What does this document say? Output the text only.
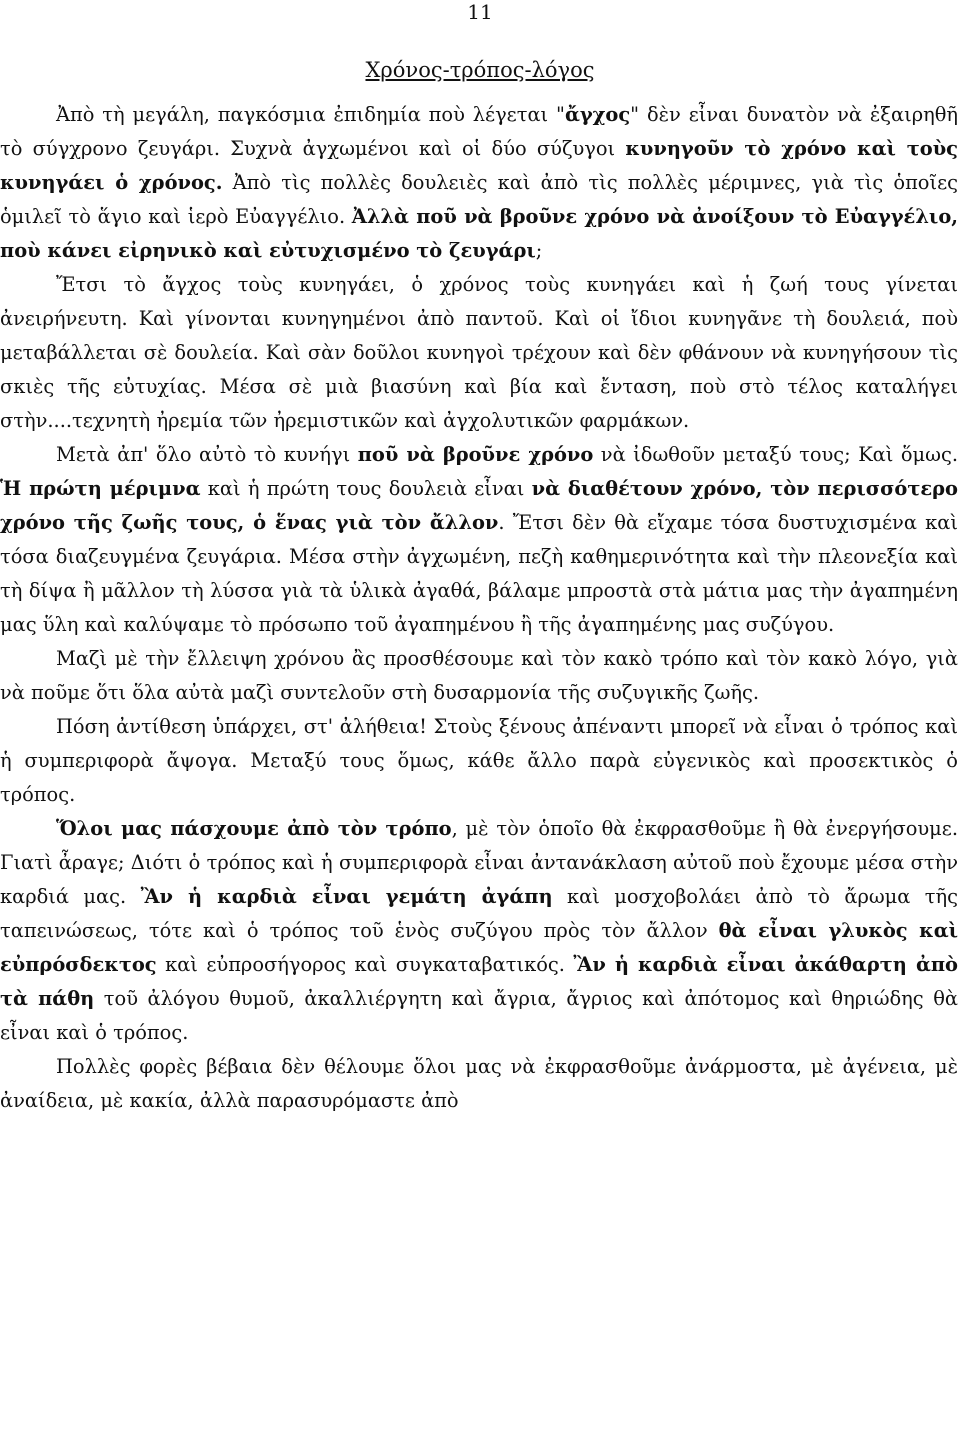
11
Χρόνος-τρόπος-λόγος

Ἀπὸ τὴ μεγάλη, παγκόσμια ἐπιδημία ποὺ λέγεται "ἄγχος" δὲν εἶναι δυνατὸν νὰ ἐξαιρηθῆ τὸ σύγχρονο ζευγάρι. Συχνὰ ἀγχωμένοι καὶ οἱ δύο σύζυγοι κυνηγοῦν τὸ χρόνο καὶ τοὺς κυνηγάει ὁ χρόνος. Ἀπὸ τὶς πολλὲς δουλειὲς καὶ ἀπὸ τὶς πολλὲς μέριμνες, γιὰ τὶς ὁποῖες ὁμιλεῖ τὸ ἅγιο καὶ ἱερὸ Εὐαγγέλιο. Ἀλλὰ ποῦ νὰ βροῦνε χρόνο νὰ ἀνοίξουν τὸ Εὐαγγέλιο, ποὺ κάνει εἰρηνικὸ καὶ εὐτυχισμένο τὸ ζευγάρι;

Ἔτσι τὸ ἄγχος τοὺς κυνηγάει, ὁ χρόνος τοὺς κυνηγάει καὶ ἡ ζωή τους γίνεται ἀνειρήνευτη. Καὶ γίνονται κυνηγημένοι ἀπὸ παντοῦ. Καὶ οἱ ἴδιοι κυνηγᾶνε τὴ δουλειά, ποὺ μεταβάλλεται σὲ δουλεία. Καὶ σὰν δοῦλοι κυνηγοὶ τρέχουν καὶ δὲν φθάνουν νὰ κυνηγήσουν τὶς σκιὲς τῆς εὐτυχίας. Μέσα σὲ μιὰ βιασύνη καὶ βία καὶ ἔνταση, ποὺ στὸ τέλος καταλήγει στὴν....τεχνητὴ ἠρεμία τῶν ἠρεμιστικῶν καὶ ἀγχολυτικῶν φαρμάκων.

Μετὰ ἀπ' ὅλο αὐτὸ τὸ κυνήγι ποῦ νὰ βροῦνε χρόνο νὰ ἰδωθοῦν μεταξύ τους; Καὶ ὅμως. Ἡ πρώτη μέριμνα καὶ ἡ πρώτη τους δουλειὰ εἶναι νὰ διαθέτουν χρόνο, τὸν περισσότερο χρόνο τῆς ζωῆς τους, ὁ ἕνας γιὰ τὸν ἄλλον. Ἔτσι δὲν θὰ εἴχαμε τόσα δυστυχισμένα καὶ τόσα διαζευγμένα ζευγάρια. Μέσα στὴν ἀγχωμένη, πεζὴ καθημερινότητα καὶ τὴν πλεονεξία καὶ τὴ δίψα ἢ μᾶλλον τὴ λύσσα γιὰ τὰ ὑλικὰ ἀγαθά, βάλαμε μπροστὰ στὰ μάτια μας τὴν ἀγαπημένη μας ὕλη καὶ καλύψαμε τὸ πρόσωπο τοῦ ἀγαπημένου ἢ τῆς ἀγαπημένης μας συζύγου.

Μαζὶ μὲ τὴν ἔλλειψη χρόνου ἂς προσθέσουμε καὶ τὸν κακὸ τρόπο καὶ τὸν κακὸ λόγο, γιὰ νὰ ποῦμε ὅτι ὅλα αὐτὰ μαζὶ συντελοῦν στὴ δυσαρμονία τῆς συζυγικῆς ζωῆς.

Πόση ἀντίθεση ὑπάρχει, στ' ἀλήθεια! Στοὺς ξένους ἀπέναντι μπορεῖ νὰ εἶναι ὁ τρόπος καὶ ἡ συμπεριφορὰ ἄψογα. Μεταξύ τους ὅμως, κάθε ἄλλο παρὰ εὐγενικὸς καὶ προσεκτικὸς ὁ τρόπος.

Ὅλοι μας πάσχουμε ἀπὸ τὸν τρόπο, μὲ τὸν ὁποῖο θὰ ἐκφρασθοῦμε ἢ θὰ ἐνεργήσουμε. Γιατὶ ἆραγε; Διότι ὁ τρόπος καὶ ἡ συμπεριφορὰ εἶναι ἀντανάκλαση αὐτοῦ ποὺ ἔχουμε μέσα στὴν καρδιά μας. Ἂν ἡ καρδιὰ εἶναι γεμάτη ἀγάπη καὶ μοσχοβολάει ἀπὸ τὸ ἄρωμα τῆς ταπεινώσεως, τότε καὶ ὁ τρόπος τοῦ ἑνὸς συζύγου πρὸς τὸν ἄλλον θὰ εἶναι γλυκὸς καὶ εὐπρόσδεκτος καὶ εὐπροσήγορος καὶ συγκαταβατικός. Ἂν ἡ καρδιὰ εἶναι ἀκάθαρτη ἀπὸ τὰ πάθη τοῦ ἀλόγου θυμοῦ, ἀκαλλιέργητη καὶ ἄγρια, ἄγριος καὶ ἀπότομος καὶ θηριώδης θὰ εἶναι καὶ ὁ τρόπος.

Πολλὲς φορὲς βέβαια δὲν θέλουμε ὅλοι μας νὰ ἐκφρασθοῦμε ἀνάρμοστα, μὲ ἀγένεια, μὲ ἀναίδεια, μὲ κακία, ἀλλὰ παρασυρόμαστε ἀπὸ
